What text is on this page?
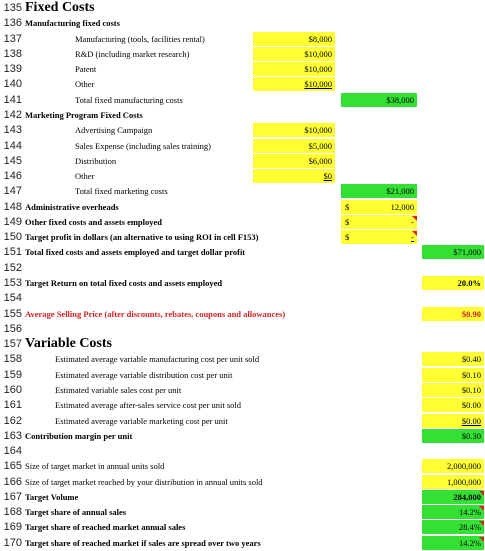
135 Fixed Costs
136 Manufacturing fixed costs
137	Manufacturing (tools, facilities rental)	$8,000
138	R&D (including market research)	$10,000
139	Patent	$10,000
140	Other	$10,000
141	Total fixed manufacturing costs	$38,000
142 Marketing Program Fixed Costs
143	Advertising Campaign	$10,000
144	Sales Expense (including sales training)	$5,000
145	Distribution	$6,000
146	Other	$0
147	Total fixed marketing costs	$21,000
148 Administrative overheads	$	12,000
149 Other fixed costs and assets employed	$	-
150 Target profit in dollars (an alternative to using ROI in cell F153)	$	-
151 Total fixed costs and assets employed and target dollar profit	$71,000
152
153 Target Return on total fixed costs and assets employed	20.0%
154
155 Average Selling Price (after discounts, rebates, coupons and allowances)	$0.90
156
157 Variable Costs
158	Estimated average variable manufacturing cost per unit sold	$0.40
159	Estimated average variable distribution cost per unit	$0.10
160	Estimated variable sales cost per unit	$0.10
161	Estimated average after-sales service cost per unit sold	$0.00
162	Estimated average variable marketing cost per unit	$0.00
163 Contribution margin per unit	$0.30
164
165 Size of target market in annual units sold	2,000,000
166 Size of target market reached by your distribution in annual units sold	1,000,000
167 Target Volume	284,000
168 Target share of annual sales	14.2%
169 Target share of reached market annual sales	28.4%
170 Target share of reached market if sales are spread over two years	14.2%
